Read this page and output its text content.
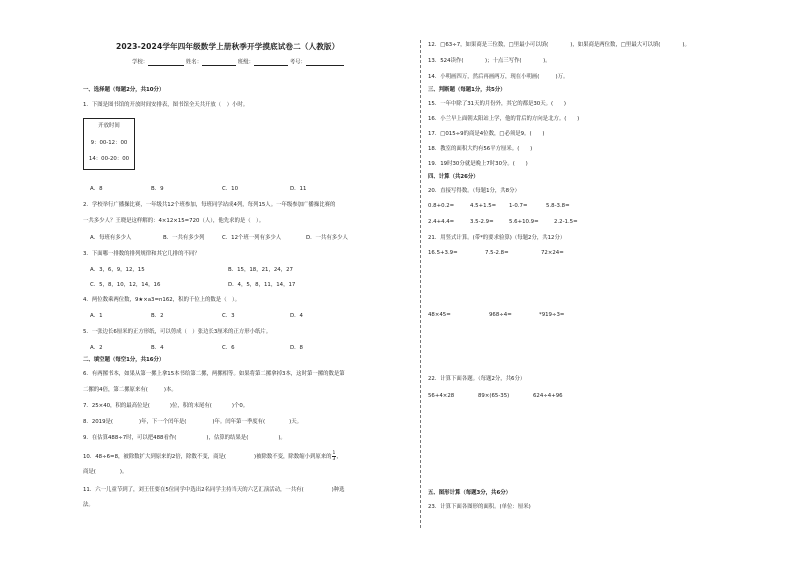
2023-2024学年四年级数学上册秋季开学摸底试卷二（人教版）
学校：	姓名：	班级：	考号：
一、选择题（每题2分，共10分）
1．下图是图书馆的开放时间安排表，图书馆全天共开放（　）小时。
开放时间
9：00-12：00
14：00-20：00
A．8	B．9	C．10	D．11
2．学校举行广播操比赛，一年级共12个班参加，每班同学站成4列，每列15人。一年级参加广播操比赛的
一共多少人？王晓是这样解的：4×12×15=720（人），他先求的是（　）。
A．每班有多少人	B．一共有多少列	C．12个班一列有多少人	D．一共有多少人
3．下面哪一排数的排列规律和其它几排的不同？
A．3，6，9，12，15	B．15，18，21，24，27
C．5，8，10，12，14，16	D．4，5，8，11，14，17
4．两位数乘两位数，9★×a3=n162，积的千位上的数是（　）。
A．1	B．2	C．3	D．4
5．一张边长6厘米的正方形纸，可以剪成（　）张边长3厘米的正方形小纸片。
A．2	B．4	C．6	D．8
二、填空题（每空1分，共16分）
6．有两摞书本，如果从第一摞上拿15本书给第二摞，两摞相等。如果将第二摞拿掉3本，这时第一摞的数是第
二摞的4倍，第二摞原来有(	)本。
7．25×40，积的最高位是(	)位，积的末尾有(	)个0。
8．2019是(	)年，下一个闰年是(	)年。闰年第一季度有(	)天。
9．在估算488÷7时，可以把488看作(	)，估算的结果是(	)。
10．48÷6=8，被除数扩大到原来的2倍，除数不变，商是(	)被除数不变，除数缩小到原来的 $\frac{1}{3}$ ，
商是(	)。
11．六一儿童节到了，刘王任要在5位同学中选出2名同学主持当天的六艺汇演活动，一共有(	)种选
法。
12．□63÷7，如果商是三位数，□里最小可以填(	)，如果商是两位数，□里最大可以填(	)。
13．524读作(　　　　)；十点三写作(　　　　)。
14．小明画四万，然后再画两万，现在小明画(　　　)万。
三、判断题（每题1分，共5分）
15．一年中除了31天的月份外，其它的都是30天。(　　)
16．小兰早上面朝太阳站上学，他的背后的方向是北方。(　　)
17．□015÷9的商是4位数，□必须是9。(　　)
18．教室的面积大约有56平方厘米。(　　)
19．19时30分就是晚上7时30分。(　　)
四、计算（共26分）
20．直接写得数。（每题1分，共8分）
0.8+0.2=	4.5+1.5= 1-0.7=	5.8-3.8=
2.4+4.4=	3.5-2.9=	5.6+10.9=	2.2-1.5=
21．用竖式计算。(带*的要求验算)（每题2分，共12分）
16.5+3.9=	7.5-2.8=	72×24=
48×45=	968÷4=	*919÷3=
22．计算下面各题。（每题2分，共6分）
56+4×28	89×(65-35)	624÷4+96
五、图形计算（每题3分，共6分）
23．计算下面各图形的面积。(单位：厘米)
